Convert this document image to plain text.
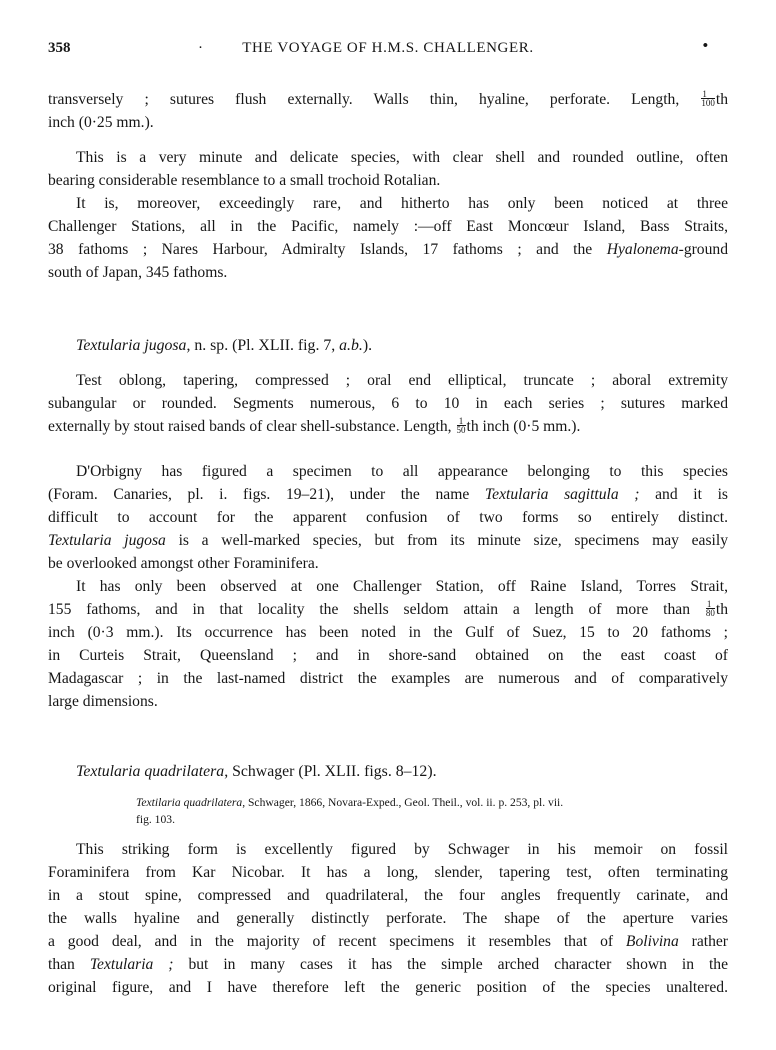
358	·	THE VOYAGE OF H.M.S. CHALLENGER.	•
transversely ; sutures flush externally. Walls thin, hyaline, perforate. Length, $\frac{1}{100}$ th
inch (0·25 mm.).
This is a very minute and delicate species, with clear shell and rounded outline, often
bearing considerable resemblance to a small trochoid Rotalian.
It is, moreover, exceedingly rare, and hitherto has only been noticed at three
Challenger Stations, all in the Pacific, namely :—off East Moncœur Island, Bass Straits,
38 fathoms ; Nares Harbour, Admiralty Islands, 17 fathoms ; and the Hyalonema-ground
south of Japan, 345 fathoms.
Textularia jugosa, n. sp. (Pl. XLII. fig. 7, a.b.).
Test oblong, tapering, compressed ; oral end elliptical, truncate ; aboral extremity
subangular or rounded. Segments numerous, 6 to 10 in each series ; sutures marked
externally by stout raised bands of clear shell-substance. Length, $\frac{1}{50}$ th inch (0·5 mm.).
D'Orbigny has figured a specimen to all appearance belonging to this species
(Foram. Canaries, pl. i. figs. 19–21), under the name Textularia sagittula ; and it is
difficult to account for the apparent confusion of two forms so entirely distinct.
Textularia jugosa is a well-marked species, but from its minute size, specimens may easily
be overlooked amongst other Foraminifera.
It has only been observed at one Challenger Station, off Raine Island, Torres Strait,
155 fathoms, and in that locality the shells seldom attain a length of more than $\frac{1}{80}$ th
inch (0·3 mm.). Its occurrence has been noted in the Gulf of Suez, 15 to 20 fathoms ;
in Curteis Strait, Queensland ; and in shore-sand obtained on the east coast of
Madagascar ; in the last-named district the examples are numerous and of comparatively
large dimensions.
Textularia quadrilatera, Schwager (Pl. XLII. figs. 8–12).
Textilaria quadrilatera, Schwager, 1866, Novara-Exped., Geol. Theil., vol. ii. p. 253, pl. vii.
fig. 103.
This striking form is excellently figured by Schwager in his memoir on fossil
Foraminifera from Kar Nicobar. It has a long, slender, tapering test, often terminating
in a stout spine, compressed and quadrilateral, the four angles frequently carinate, and
the walls hyaline and generally distinctly perforate. The shape of the aperture varies
a good deal, and in the majority of recent specimens it resembles that of Bolivina rather
than Textularia ; but in many cases it has the simple arched character shown in the
original figure, and I have therefore left the generic position of the species unaltered.
